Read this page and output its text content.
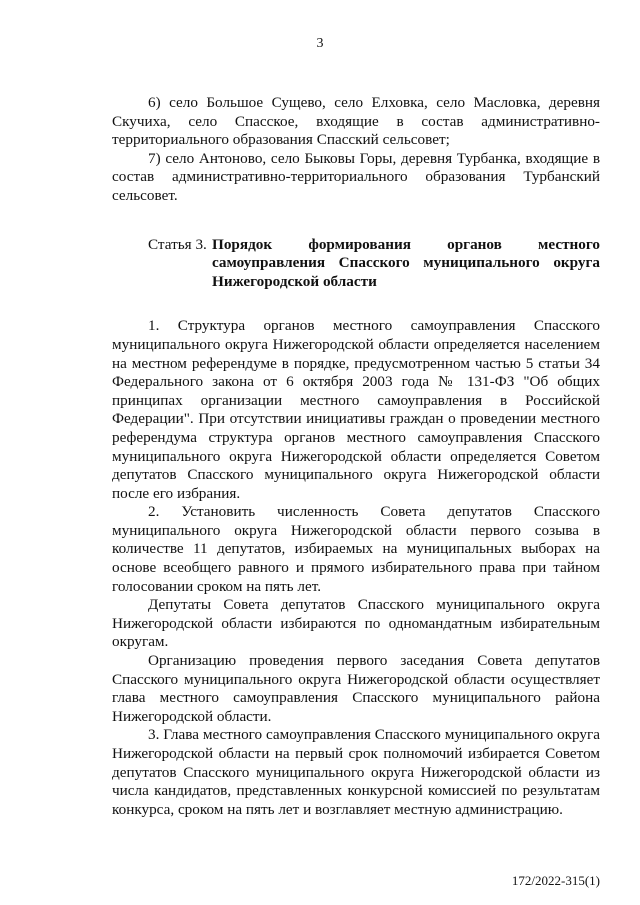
3

6) село Большое Сущево, село Елховка, село Масловка, деревня Скучиха, село Спасское, входящие в состав административно-территориального образования Спасский сельсовет;

7) село Антоново, село Быковы Горы, деревня Турбанка, входящие в состав административно-территориального образования Турбанский сельсовет.

Статья 3. Порядок формирования органов местного самоуправления Спасского муниципального округа Нижегородской области

1. Структура органов местного самоуправления Спасского муниципального округа Нижегородской области определяется населением на местном референдуме в порядке, предусмотренном частью 5 статьи 34 Федерального закона от 6 октября 2003 года № 131-ФЗ "Об общих принципах организации местного самоуправления в Российской Федерации". При отсутствии инициативы граждан о проведении местного референдума структура органов местного самоуправления Спасского муниципального округа Нижегородской области определяется Советом депутатов Спасского муниципального округа Нижегородской области после его избрания.

2. Установить численность Совета депутатов Спасского муниципального округа Нижегородской области первого созыва в количестве 11 депутатов, избираемых на муниципальных выборах на основе всеобщего равного и прямого избирательного права при тайном голосовании сроком на пять лет.

Депутаты Совета депутатов Спасского муниципального округа Нижегородской области избираются по одномандатным избирательным округам.

Организацию проведения первого заседания Совета депутатов Спасского муниципального округа Нижегородской области осуществляет глава местного самоуправления Спасского муниципального района Нижегородской области.

3. Глава местного самоуправления Спасского муниципального округа Нижегородской области на первый срок полномочий избирается Советом депутатов Спасского муниципального округа Нижегородской области из числа кандидатов, представленных конкурсной комиссией по результатам конкурса, сроком на пять лет и возглавляет местную администрацию.

172/2022-315(1)
